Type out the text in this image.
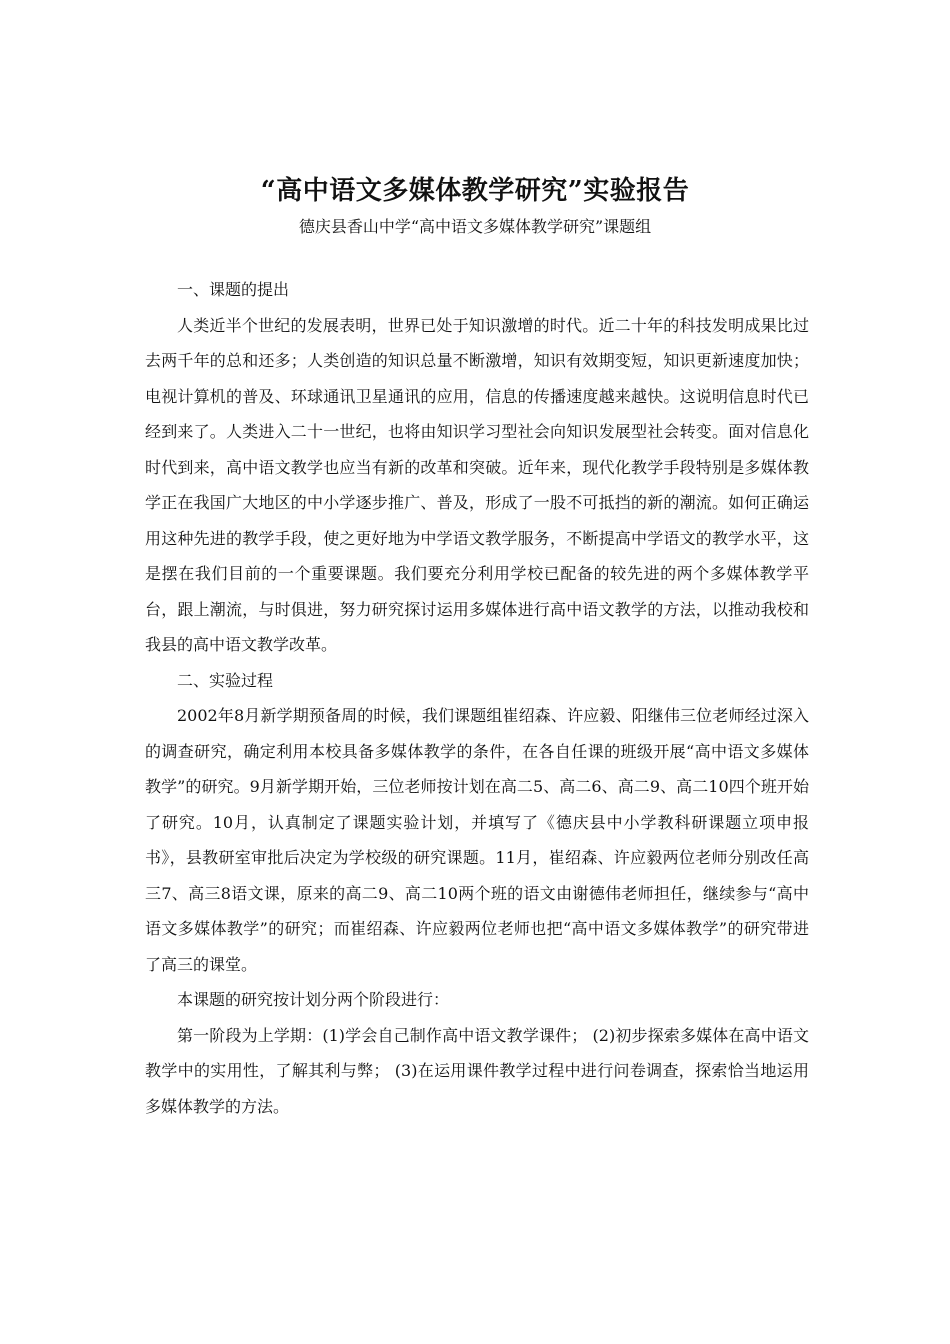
“高中语文多媒体教学研究”实验报告
德庆县香山中学“高中语文多媒体教学研究”课题组

一、课题的提出

人类近半个世纪的发展表明，世界已处于知识激增的时代。近二十年的科技发明成果比过去两千年的总和还多；人类创造的知识总量不断激增，知识有效期变短，知识更新速度加快；电视计算机的普及、环球通讯卫星通讯的应用，信息的传播速度越来越快。这说明信息时代已经到来了。人类进入二十一世纪，也将由知识学习型社会向知识发展型社会转变。面对信息化时代到来，高中语文教学也应当有新的改革和突破。近年来，现代化教学手段特别是多媒体教学正在我国广大地区的中小学逐步推广、普及，形成了一股不可抵挡的新的潮流。如何正确运用这种先进的教学手段，使之更好地为中学语文教学服务，不断提高中学语文的教学水平，这是摆在我们目前的一个重要课题。我们要充分利用学校已配备的较先进的两个多媒体教学平台，跟上潮流，与时俱进，努力研究探讨运用多媒体进行高中语文教学的方法，以推动我校和我县的高中语文教学改革。

二、实验过程

2002年8月新学期预备周的时候，我们课题组崔绍森、许应毅、阳继伟三位老师经过深入的调查研究，确定利用本校具备多媒体教学的条件，在各自任课的班级开展“高中语文多媒体教学”的研究。9月新学期开始，三位老师按计划在高二5、高二6、高二9、高二10四个班开始了研究。10月，认真制定了课题实验计划，并填写了《德庆县中小学教科研课题立项申报书》，县教研室审批后决定为学校级的研究课题。11月，崔绍森、许应毅两位老师分别改任高三7、高三8语文课，原来的高二9、高二10两个班的语文由谢德伟老师担任，继续参与“高中语文多媒体教学”的研究；而崔绍森、许应毅两位老师也把“高中语文多媒体教学”的研究带进了高三的课堂。

本课题的研究按计划分两个阶段进行：

第一阶段为上学期：(1)学会自己制作高中语文教学课件； (2)初步探索多媒体在高中语文教学中的实用性，了解其利与弊； (3)在运用课件教学过程中进行问卷调查，探索恰当地运用多媒体教学的方法。
